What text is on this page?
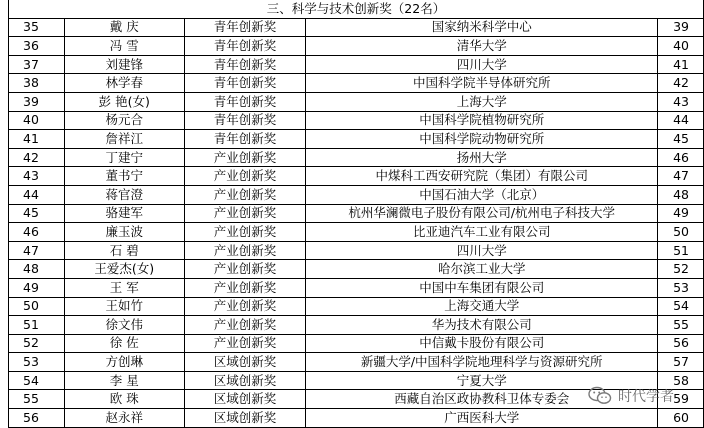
三、科学与技术创新奖（22名）				
35	戴 庆	青年创新奖	国家纳米科学中心	39
36	冯 雪	青年创新奖	清华大学	40
37	刘建锋	青年创新奖	四川大学	41
38	林学春	青年创新奖	中国科学院半导体研究所	42
39	彭 艳(女)	青年创新奖	上海大学	43
40	杨元合	青年创新奖	中国科学院植物研究所	44
41	詹祥江	青年创新奖	中国科学院动物研究所	45
42	丁建宁	产业创新奖	扬州大学	46
43	董书宁	产业创新奖	中煤科工西安研究院（集团）有限公司	47
44	蒋官澄	产业创新奖	中国石油大学（北京）	48
45	骆建军	产业创新奖	杭州华澜微电子股份有限公司/杭州电子科技大学	49
46	廉玉波	产业创新奖	比亚迪汽车工业有限公司	50
47	石 碧	产业创新奖	四川大学	51
48	王爱杰(女)	产业创新奖	哈尔滨工业大学	52
49	王 军	产业创新奖	中国中车集团有限公司	53
50	王如竹	产业创新奖	上海交通大学	54
51	徐文伟	产业创新奖	华为技术有限公司	55
52	徐 佐	产业创新奖	中信戴卡股份有限公司	56
53	方创琳	区域创新奖	新疆大学/中国科学院地理科学与资源研究所	57
54	李 星	区域创新奖	宁夏大学	58
55	欧 珠	区域创新奖	西藏自治区政协教科卫体专委会	59
56	赵永祥	区域创新奖	广西医科大学	60
时代学者
